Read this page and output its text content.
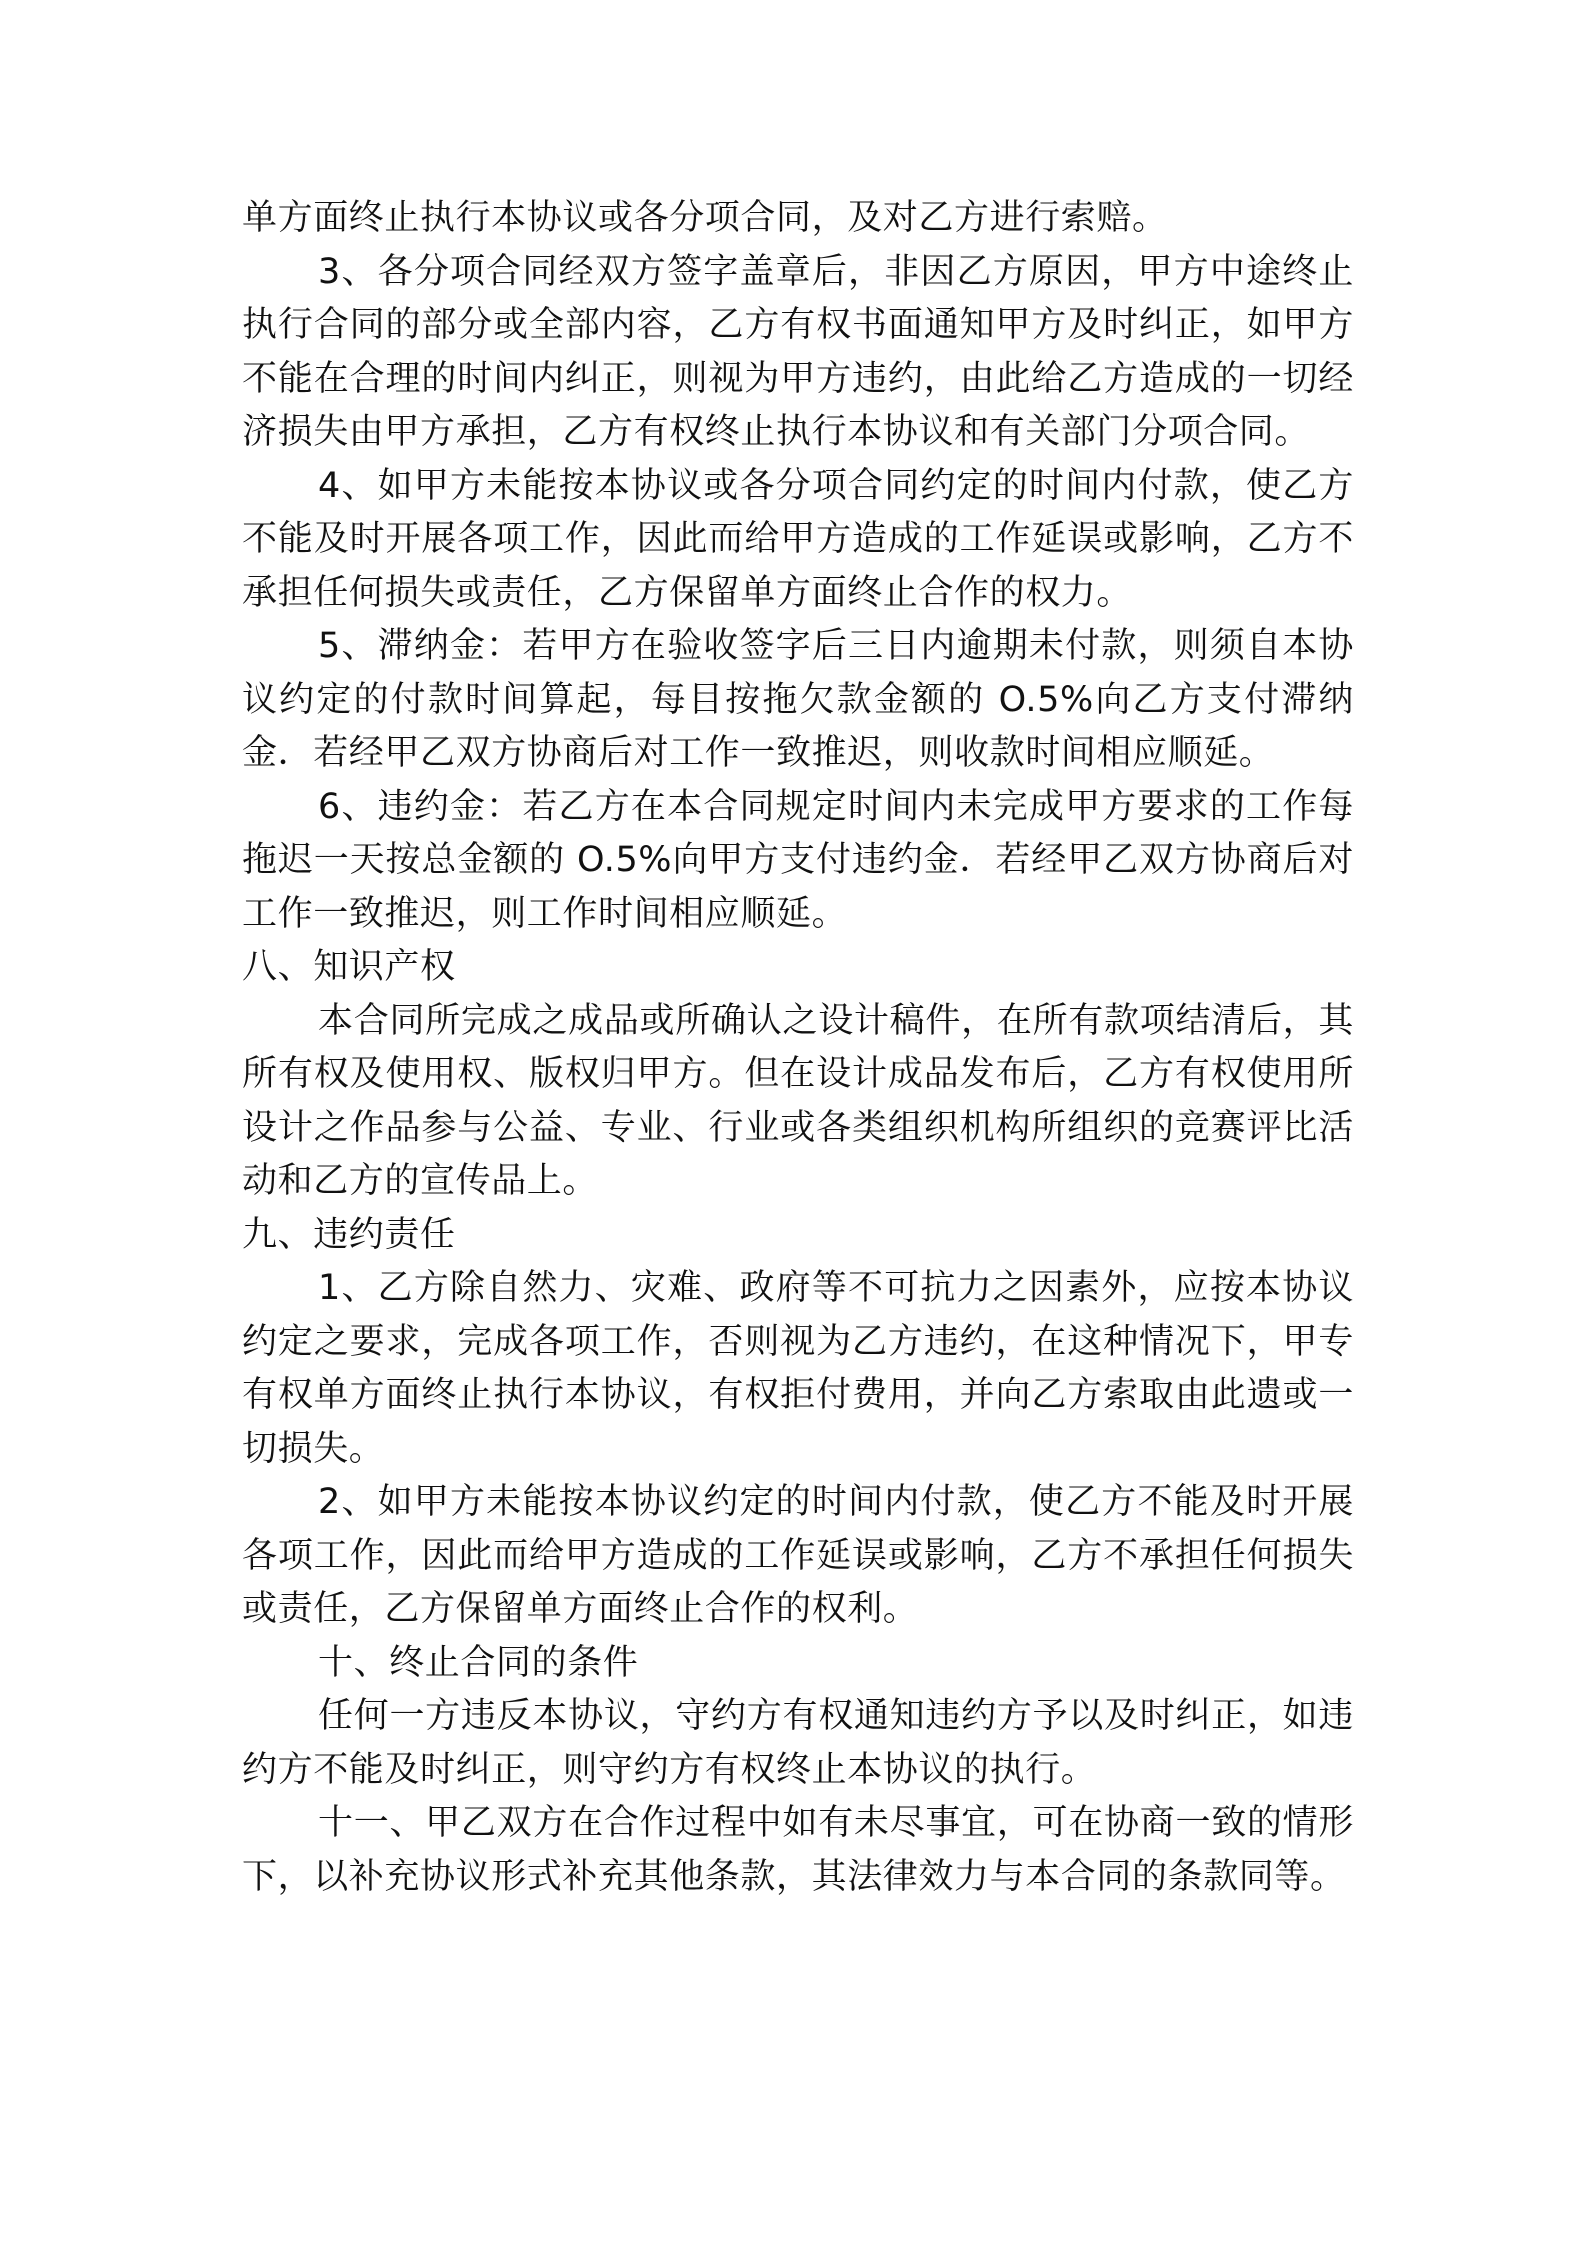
单方面终止执行本协议或各分项合同，及对乙方进行索赔。

3、各分项合同经双方签字盖章后，非因乙方原因，甲方中途终止执行合同的部分或全部内容，乙方有权书面通知甲方及时纠正，如甲方不能在合理的时间内纠正，则视为甲方违约，由此给乙方造成的一切经济损失由甲方承担，乙方有权终止执行本协议和有关部门分项合同。

4、如甲方未能按本协议或各分项合同约定的时间内付款，使乙方不能及时开展各项工作，因此而给甲方造成的工作延误或影响，乙方不承担任何损失或责任，乙方保留单方面终止合作的权力。

5、滞纳金：若甲方在验收签字后三日内逾期未付款，则须自本协议约定的付款时间算起，每目按拖欠款金额的 O.5%向乙方支付滞纳金．若经甲乙双方协商后对工作一致推迟，则收款时间相应顺延。

6、违约金：若乙方在本合同规定时间内未完成甲方要求的工作每拖迟一天按总金额的 O.5%向甲方支付违约金．若经甲乙双方协商后对工作一致推迟，则工作时间相应顺延。

八、知识产权

本合同所完成之成品或所确认之设计稿件，在所有款项结清后，其所有权及使用权、版权归甲方。但在设计成品发布后，乙方有权使用所设计之作品参与公益、专业、行业或各类组织机构所组织的竞赛评比活动和乙方的宣传品上。

九、违约责任

1、乙方除自然力、灾难、政府等不可抗力之因素外，应按本协议约定之要求，完成各项工作，否则视为乙方违约，在这种情况下，甲专有权单方面终止执行本协议，有权拒付费用，并向乙方索取由此遗或一切损失。

2、如甲方未能按本协议约定的时间内付款，使乙方不能及时开展各项工作，因此而给甲方造成的工作延误或影响，乙方不承担任何损失或责任，乙方保留单方面终止合作的权利。

十、终止合同的条件

任何一方违反本协议，守约方有权通知违约方予以及时纠正，如违约方不能及时纠正，则守约方有权终止本协议的执行。

十一、甲乙双方在合作过程中如有未尽事宜，可在协商一致的情形下，以补充协议形式补充其他条款，其法律效力与本合同的条款同等。
